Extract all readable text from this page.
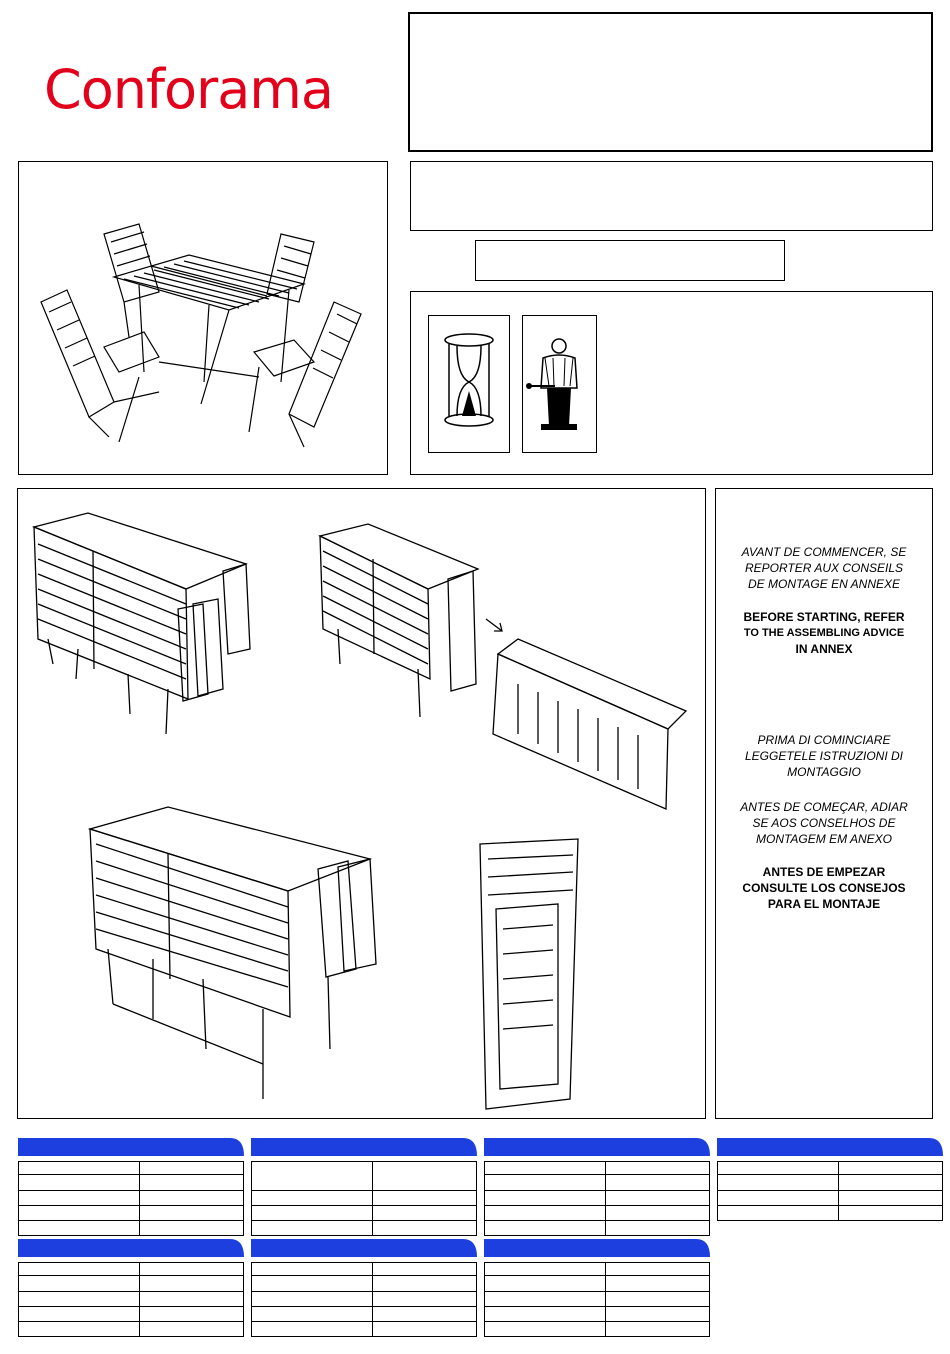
Conforama
AVANT DE COMMENCER, SE
REPORTER AUX CONSEILS
DE MONTAGE EN ANNEXE
BEFORE STARTING, REFER
TO THE ASSEMBLING ADVICE
IN ANNEX
PRIMA DI COMINCIARE
LEGGETELE ISTRUZIONI DI
MONTAGGIO
ANTES DE COMEÇAR, ADIAR
SE AOS CONSELHOS DE
MONTAGEM EM ANEXO
ANTES DE EMPEZAR
CONSULTE LOS CONSEJOS
PARA EL MONTAJE
